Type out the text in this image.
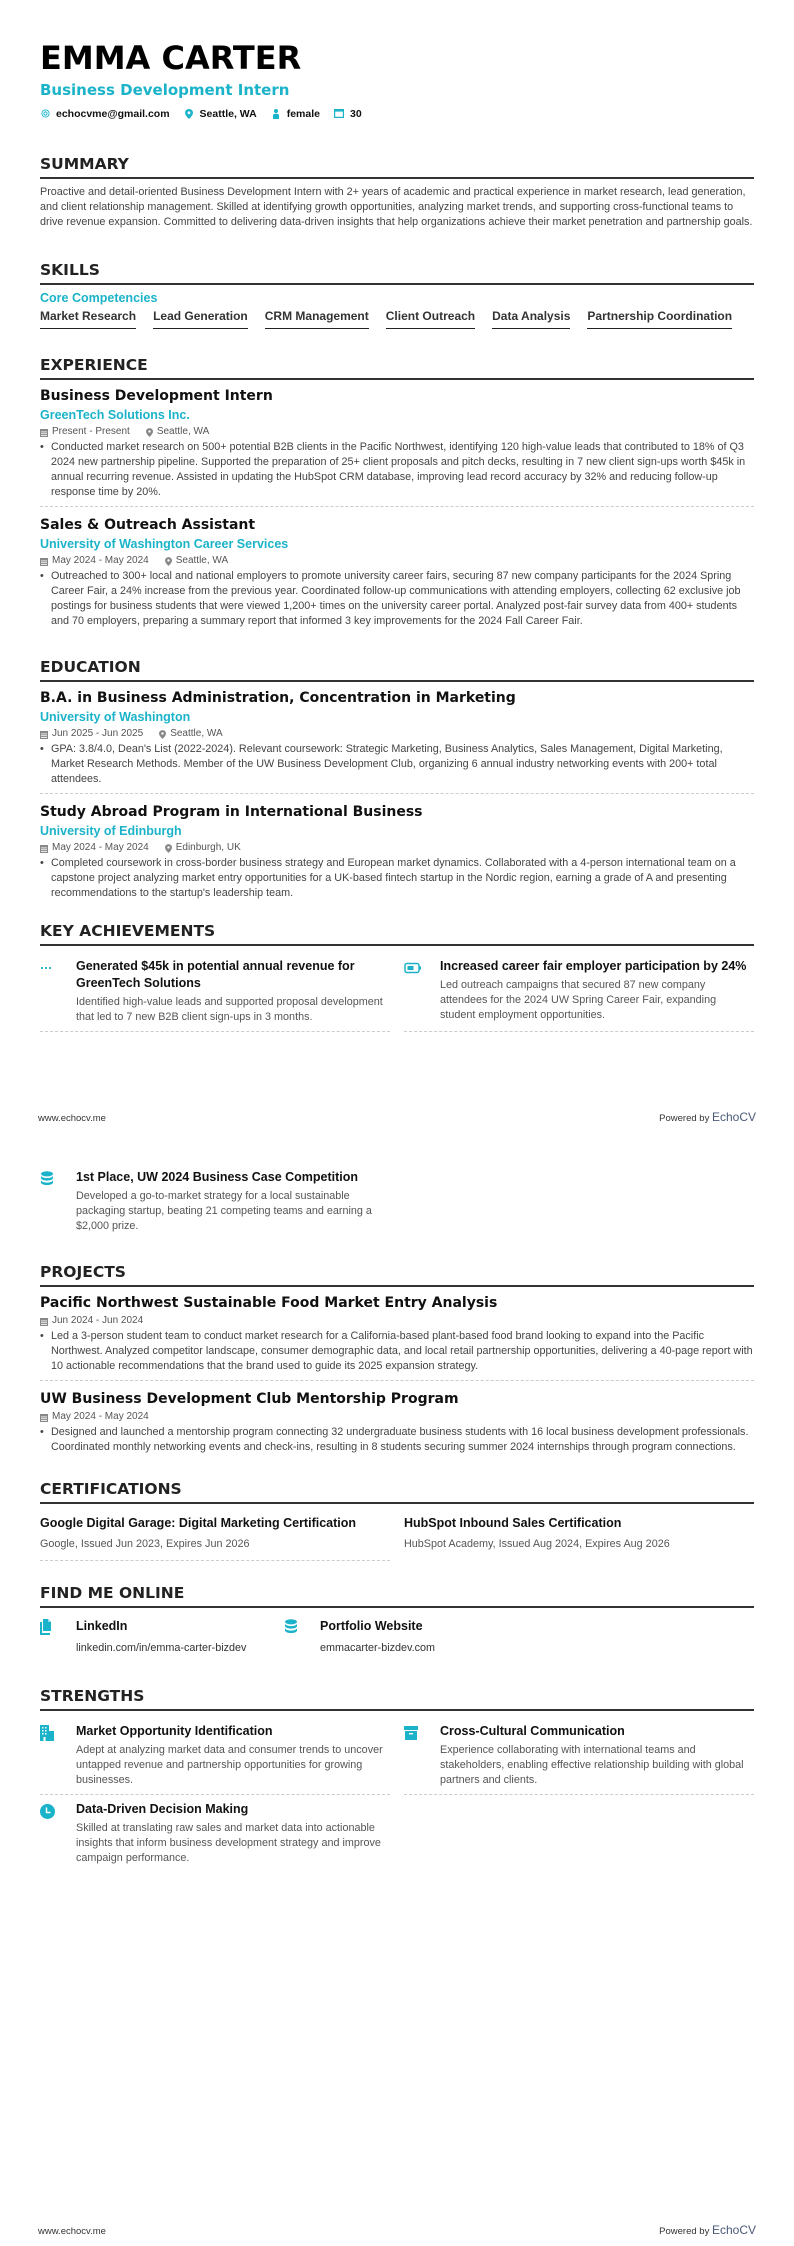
EMMA CARTER
Business Development Intern
echocvme@gmail.com	Seattle, WA	female	30
SUMMARY
Proactive and detail-oriented Business Development Intern with 2+ years of academic and practical experience in market research, lead generation, and client relationship management. Skilled at identifying growth opportunities, analyzing market trends, and supporting cross-functional teams to drive revenue expansion. Committed to delivering data-driven insights that help organizations achieve their market penetration and partnership goals.
SKILLS
Core Competencies
Market Research Lead Generation CRM Management Client Outreach Data Analysis Partnership Coordination
EXPERIENCE
Business Development Intern
GreenTech Solutions Inc.
Present - Present	Seattle, WA
• Conducted market research on 500+ potential B2B clients in the Pacific Northwest, identifying 120 high-value leads that contributed to 18% of Q3 2024 new partnership pipeline. Supported the preparation of 25+ client proposals and pitch decks, resulting in 7 new client sign-ups worth $45k in annual recurring revenue. Assisted in updating the HubSpot CRM database, improving lead record accuracy by 32% and reducing follow-up response time by 20%.
Sales & Outreach Assistant
University of Washington Career Services
May 2024 - May 2024	Seattle, WA
• Outreached to 300+ local and national employers to promote university career fairs, securing 87 new company participants for the 2024 Spring Career Fair, a 24% increase from the previous year. Coordinated follow-up communications with attending employers, collecting 62 exclusive job postings for business students that were viewed 1,200+ times on the university career portal. Analyzed post-fair survey data from 400+ students and 70 employers, preparing a summary report that informed 3 key improvements for the 2024 Fall Career Fair.
EDUCATION
B.A. in Business Administration, Concentration in Marketing
University of Washington
Jun 2025 - Jun 2025	Seattle, WA
• GPA: 3.8/4.0, Dean's List (2022-2024). Relevant coursework: Strategic Marketing, Business Analytics, Sales Management, Digital Marketing, Market Research Methods. Member of the UW Business Development Club, organizing 6 annual industry networking events with 200+ total attendees.
Study Abroad Program in International Business
University of Edinburgh
May 2024 - May 2024	Edinburgh, UK
• Completed coursework in cross-border business strategy and European market dynamics. Collaborated with a 4-person international team on a capstone project analyzing market entry opportunities for a UK-based fintech startup in the Nordic region, earning a grade of A and presenting recommendations to the startup's leadership team.
KEY ACHIEVEMENTS
Generated $45k in potential annual revenue for GreenTech Solutions
Identified high-value leads and supported proposal development that led to 7 new B2B client sign-ups in 3 months.
Increased career fair employer participation by 24%
Led outreach campaigns that secured 87 new company attendees for the 2024 UW Spring Career Fair, expanding student employment opportunities.
www.echocv.me	Powered by EchoCV
1st Place, UW 2024 Business Case Competition
Developed a go-to-market strategy for a local sustainable packaging startup, beating 21 competing teams and earning a $2,000 prize.
PROJECTS
Pacific Northwest Sustainable Food Market Entry Analysis
Jun 2024 - Jun 2024
• Led a 3-person student team to conduct market research for a California-based plant-based food brand looking to expand into the Pacific Northwest. Analyzed competitor landscape, consumer demographic data, and local retail partnership opportunities, delivering a 40-page report with 10 actionable recommendations that the brand used to guide its 2025 expansion strategy.
UW Business Development Club Mentorship Program
May 2024 - May 2024
• Designed and launched a mentorship program connecting 32 undergraduate business students with 16 local business development professionals. Coordinated monthly networking events and check-ins, resulting in 8 students securing summer 2024 internships through program connections.
CERTIFICATIONS
Google Digital Garage: Digital Marketing Certification
Google, Issued Jun 2023, Expires Jun 2026
HubSpot Inbound Sales Certification
HubSpot Academy, Issued Aug 2024, Expires Aug 2026
FIND ME ONLINE
LinkedIn
linkedin.com/in/emma-carter-bizdev
Portfolio Website
emmacarter-bizdev.com
STRENGTHS
Market Opportunity Identification
Adept at analyzing market data and consumer trends to uncover untapped revenue and partnership opportunities for growing businesses.
Cross-Cultural Communication
Experience collaborating with international teams and stakeholders, enabling effective relationship building with global partners and clients.
Data-Driven Decision Making
Skilled at translating raw sales and market data into actionable insights that inform business development strategy and improve campaign performance.
www.echocv.me	Powered by EchoCV
